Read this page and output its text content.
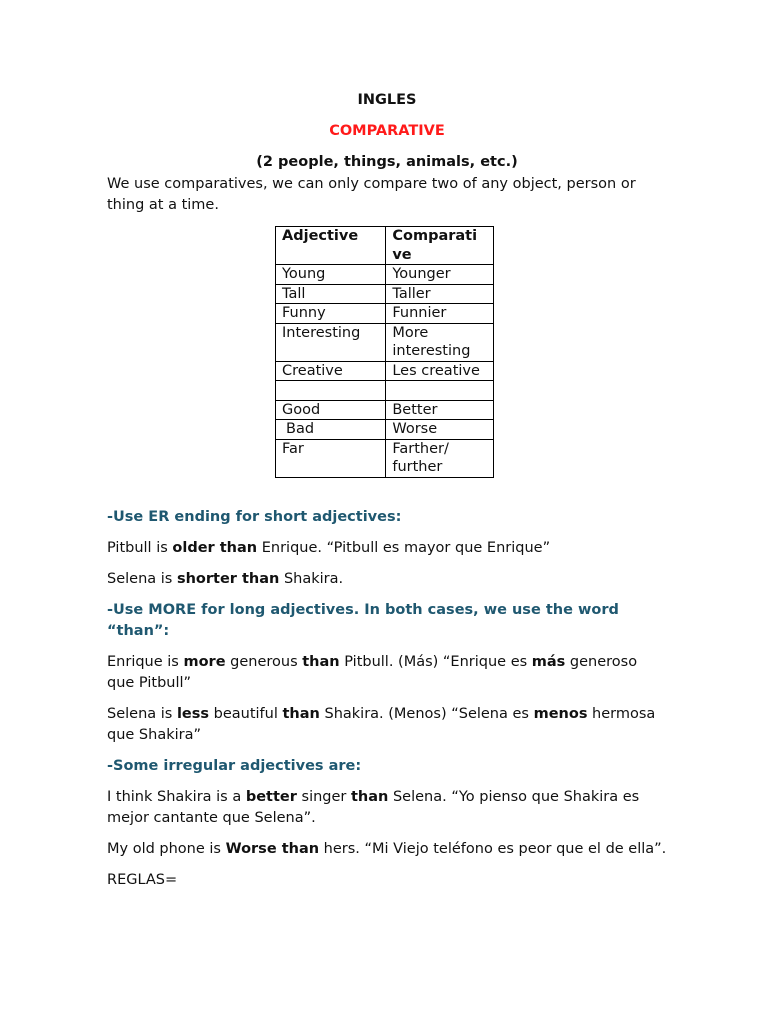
INGLES
COMPARATIVE
(2 people, things, animals, etc.)

We use comparatives, we can only compare two of any object, person or thing at a time.

Adjective	Comparati ve
Young	Younger
Tall	Taller
Funny	Funnier
Interesting	More interesting
Creative	Les creative

Good	Better
Bad	Worse
Far	Farther/ further

-Use ER ending for short adjectives:

Pitbull is older than Enrique. “Pitbull es mayor que Enrique”

Selena is shorter than Shakira.

-Use MORE for long adjectives. In both cases, we use the word “than”:

Enrique is more generous than Pitbull. (Más) “Enrique es más generoso que Pitbull”

Selena is less beautiful than Shakira. (Menos) “Selena es menos hermosa que Shakira”

-Some irregular adjectives are:

I think Shakira is a better singer than Selena. “Yo pienso que Shakira es mejor cantante que Selena”.

My old phone is Worse than hers. “Mi Viejo teléfono es peor que el de ella”.

REGLAS=
